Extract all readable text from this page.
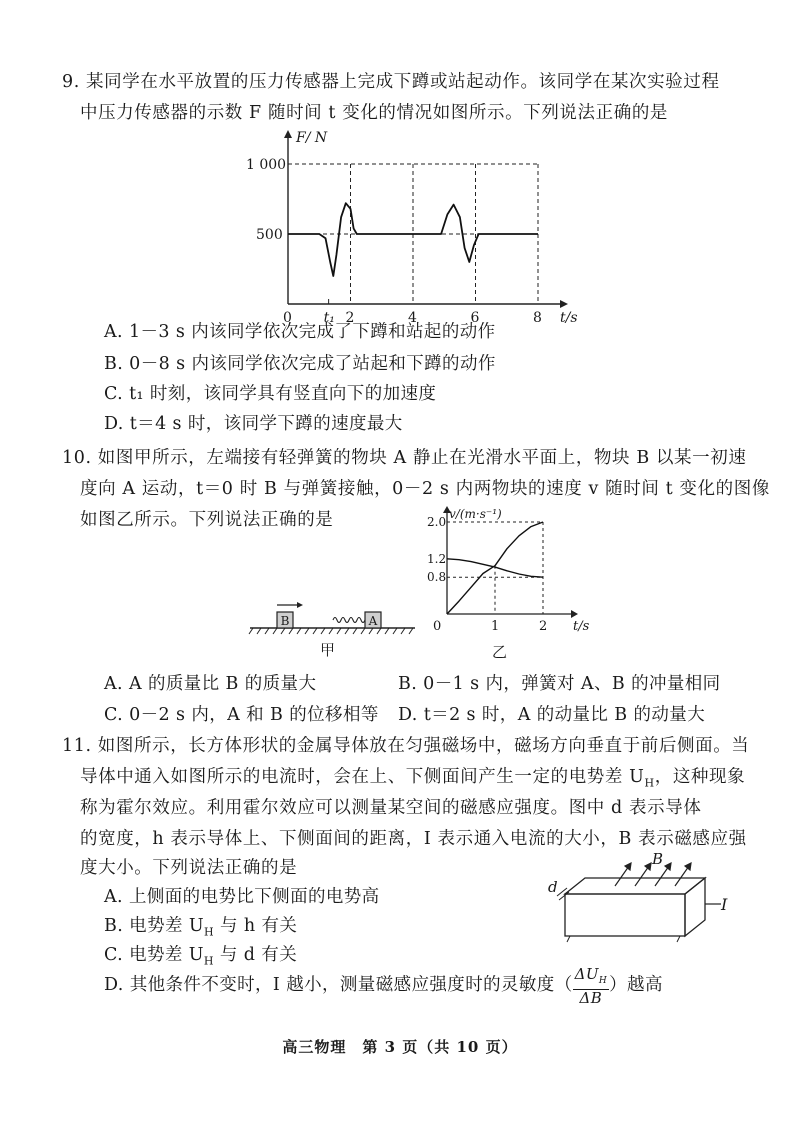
9. 某同学在水平放置的压力传感器上完成下蹲或站起动作。该同学在某次实验过程
中压力传感器的示数 F 随时间 t 变化的情况如图所示。下列说法正确的是
1 000
500
0 t₁ 2	4	6	8 t/s
F/ N
A. 1－3 s 内该同学依次完成了下蹲和站起的动作
B. 0－8 s 内该同学依次完成了站起和下蹲的动作
C. t₁ 时刻，该同学具有竖直向下的加速度
D. t＝4 s 时，该同学下蹲的速度最大
10. 如图甲所示，左端接有轻弹簧的物块 A 静止在光滑水平面上，物块 B 以某一初速
度向 A 运动，t＝0 时 B 与弹簧接触，0－2 s 内两物块的速度 v 随时间 t 变化的图像
如图乙所示。下列说法正确的是
B	A
甲
0.8
1.2
2.0
0	1	2 t/s
v/(m·s⁻¹)
乙
A. A 的质量比 B 的质量大	B. 0－1 s 内，弹簧对 A、B 的冲量相同
C. 0－2 s 内，A 和 B 的位移相等 D. t＝2 s 时，A 的动量比 B 的动量大
11. 如图所示，长方体形状的金属导体放在匀强磁场中，磁场方向垂直于前后侧面。当
导体中通入如图所示的电流时，会在上、下侧面间产生一定的电势差 $U_H$，这种现象
称为霍尔效应。利用霍尔效应可以测量某空间的磁感应强度。图中 d 表示导体
的宽度，h 表示导体上、下侧面间的距离，I 表示通入电流的大小，B 表示磁感应强
度大小。下列说法正确的是
A. 上侧面的电势比下侧面的电势高
B. 电势差 $U_H$ 与 h 有关
C. 电势差 $U_H$ 与 d 有关
D. 其他条件不变时，I 越小，测量磁感应强度时的灵敏度（
$\Delta U_H$
ΔB
）越高
B
d
I
高三物理　第 3 页（共 10 页）
